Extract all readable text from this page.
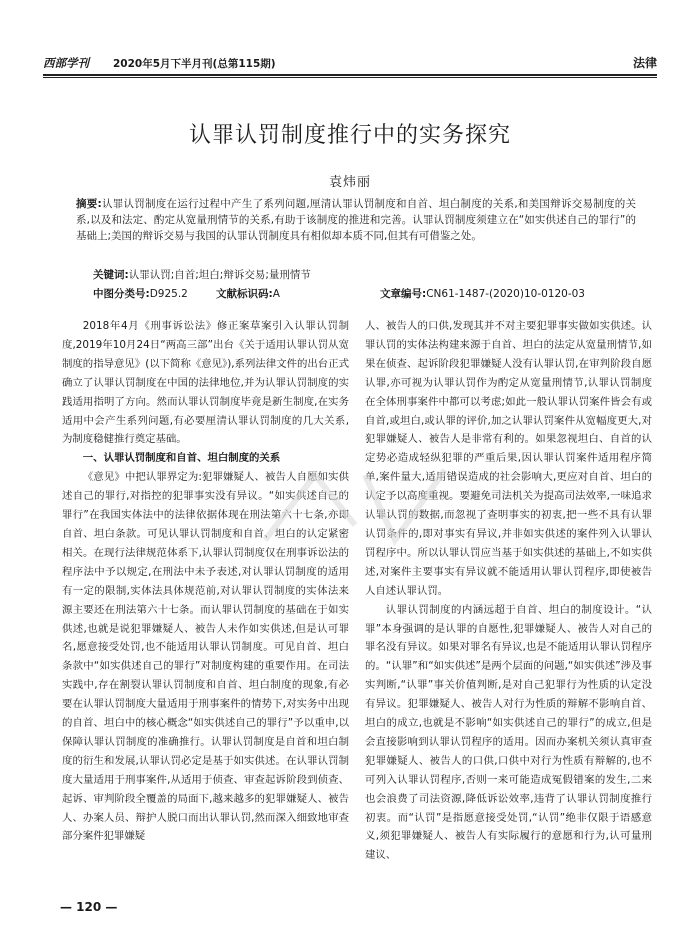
西部学刊 2020年5月下半月刊(总第115期)	法律
认罪认罚制度推行中的实务探究
袁炜丽
摘要:认罪认罚制度在运行过程中产生了系列问题,厘清认罪认罚制度和自首、坦白制度的关系,和美国辩诉交易制度的关系,以及和法定、酌定从宽量刑情节的关系,有助于该制度的推进和完善。认罪认罚制度须建立在“如实供述自己的罪行”的基础上;美国的辩诉交易与我国的认罪认罚制度具有相似却本质不同,但其有可借鉴之处。
关键词:认罪认罚;自首;坦白;辩诉交易;量刑情节
中图分类号:D925.2	文献标识码:A	文章编号:CN61-1487-(2020)10-0120-03

2018年4月《刑事诉讼法》修正案草案引入认罪认罚制度,2019年10月24日“两高三部”出台《关于适用认罪认罚从宽制度的指导意见》(以下简称《意见》),系列法律文件的出台正式确立了认罪认罚制度在中国的法律地位,并为认罪认罚制度的实践适用指明了方向。然而认罪认罚制度毕竟是新生制度,在实务适用中会产生系列问题,有必要厘清认罪认罚制度的几大关系,为制度稳健推行奠定基础。

一、认罪认罚制度和自首、坦白制度的关系

《意见》中把认罪界定为:犯罪嫌疑人、被告人自愿如实供述自己的罪行,对指控的犯罪事实没有异议。“如实供述自己的罪行”在我国实体法中的法律依据体现在刑法第六十七条,亦即自首、坦白条款。可见认罪认罚制度和自首、坦白的认定紧密相关。在现行法律规范体系下,认罪认罚制度仅在刑事诉讼法的程序法中予以规定,在刑法中未予表述,对认罪认罚制度的适用有一定的限制,实体法具体规范前,对认罪认罚制度的实体法来源主要还在刑法第六十七条。而认罪认罚制度的基础在于如实供述,也就是说犯罪嫌疑人、被告人未作如实供述,但是认可罪名,愿意接受处罚,也不能适用认罪认罚制度。可见自首、坦白条款中“如实供述自己的罪行”对制度构建的重要作用。在司法实践中,存在割裂认罪认罚制度和自首、坦白制度的现象,有必要在认罪认罚制度大量适用于刑事案件的情势下,对实务中出现的自首、坦白中的核心概念“如实供述自己的罪行”予以重申,以保障认罪认罚制度的准确推行。认罪认罚制度是自首和坦白制度的衍生和发展,认罪认罚必定是基于如实供述。在认罪认罚制度大量适用于刑事案件,从适用于侦查、审查起诉阶段到侦查、起诉、审判阶段全覆盖的局面下,越来越多的犯罪嫌疑人、被告人、办案人员、辩护人脱口而出认罪认罚,然而深入细致地审查部分案件犯罪嫌疑

人、被告人的口供,发现其并不对主要犯罪事实做如实供述。认罪认罚的实体法构建来源于自首、坦白的法定从宽量刑情节,如果在侦查、起诉阶段犯罪嫌疑人没有认罪认罚,在审判阶段自愿认罪,亦可视为认罪认罚作为酌定从宽量刑情节,认罪认罚制度在全体刑事案件中都可以考虑;如此一般认罪认罚案件皆会有或自首,或坦白,或认罪的评价,加之认罪认罚案件从宽幅度更大,对犯罪嫌疑人、被告人是非常有利的。如果忽视坦白、自首的认定势必造成轻纵犯罪的严重后果,因认罪认罚案件适用程序简单,案件量大,适用错误造成的社会影响大,更应对自首、坦白的认定予以高度重视。要避免司法机关为提高司法效率,一味追求认罪认罚的数据,而忽视了查明事实的初衷,把一些不具有认罪认罚条件的,即对事实有异议,并非如实供述的案件列入认罪认罚程序中。所以认罪认罚应当基于如实供述的基础上,不如实供述,对案件主要事实有异议就不能适用认罪认罚程序,即使被告人自述认罪认罚。

认罪认罚制度的内涵远超于自首、坦白的制度设计。“认罪”本身强调的是认罪的自愿性,犯罪嫌疑人、被告人对自己的罪名没有异议。如果对罪名有异议,也是不能适用认罪认罚程序的。“认罪”和“如实供述”是两个层面的问题,“如实供述”涉及事实判断,“认罪”事关价值判断,是对自己犯罪行为性质的认定没有异议。犯罪嫌疑人、被告人对行为性质的辩解不影响自首、坦白的成立,也就是不影响“如实供述自己的罪行”的成立,但是会直接影响到认罪认罚程序的适用。因而办案机关须认真审查犯罪嫌疑人、被告人的口供,口供中对行为性质有辩解的,也不可列入认罪认罚程序,否则一来可能造成冤假错案的发生,二来也会浪费了司法资源,降低诉讼效率,违背了认罪认罚制度推行初衷。而“认罚”是指愿意接受处罚,“认罚”绝非仅限于语感意义,须犯罪嫌疑人、被告人有实际履行的意愿和行为,认可量刑建议、

— 120 —
